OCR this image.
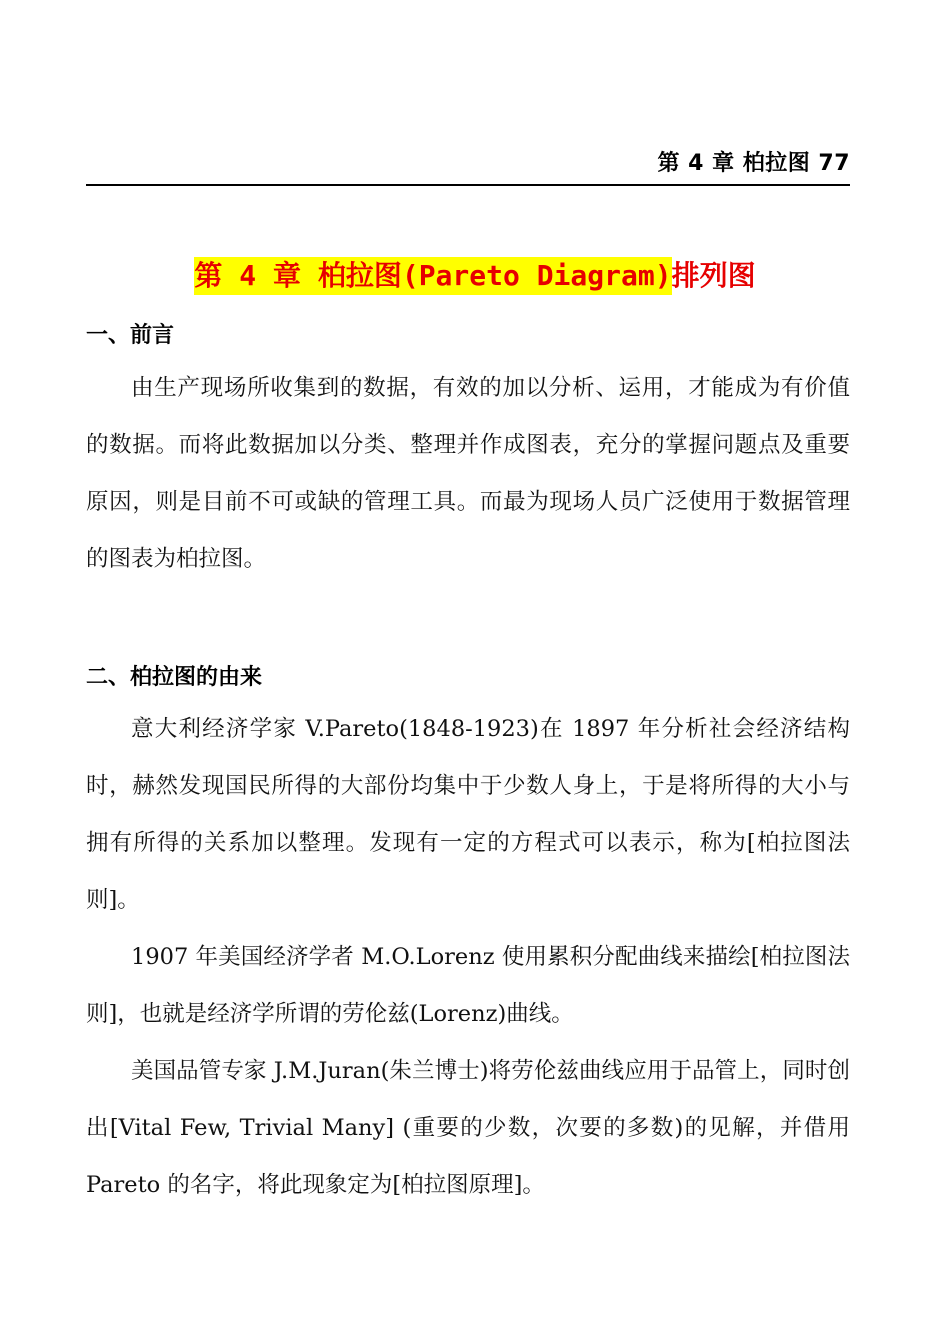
第 4 章 柏拉图 77
第 4 章 柏拉图(Pareto Diagram)排列图
一、前言

由生产现场所收集到的数据，有效的加以分析、运用，才能成为有价值的数据。而将此数据加以分类、整理并作成图表，充分的掌握问题点及重要原因，则是目前不可或缺的管理工具。而最为现场人员广泛使用于数据管理的图表为柏拉图。

二、柏拉图的由来

意大利经济学家 V.Pareto(1848-1923)在 1897 年分析社会经济结构时，赫然发现国民所得的大部份均集中于少数人身上，于是将所得的大小与拥有所得的关系加以整理。发现有一定的方程式可以表示，称为[柏拉图法则]。

1907 年美国经济学者 M.O.Lorenz 使用累积分配曲线来描绘[柏拉图法则]，也就是经济学所谓的劳伦兹(Lorenz)曲线。

美国品管专家 J.M.Juran(朱兰博士)将劳伦兹曲线应用于品管上，同时创出[Vital Few, Trivial Many] (重要的少数，次要的多数)的见解，并借用 Pareto 的名字，将此现象定为[柏拉图原理]。
